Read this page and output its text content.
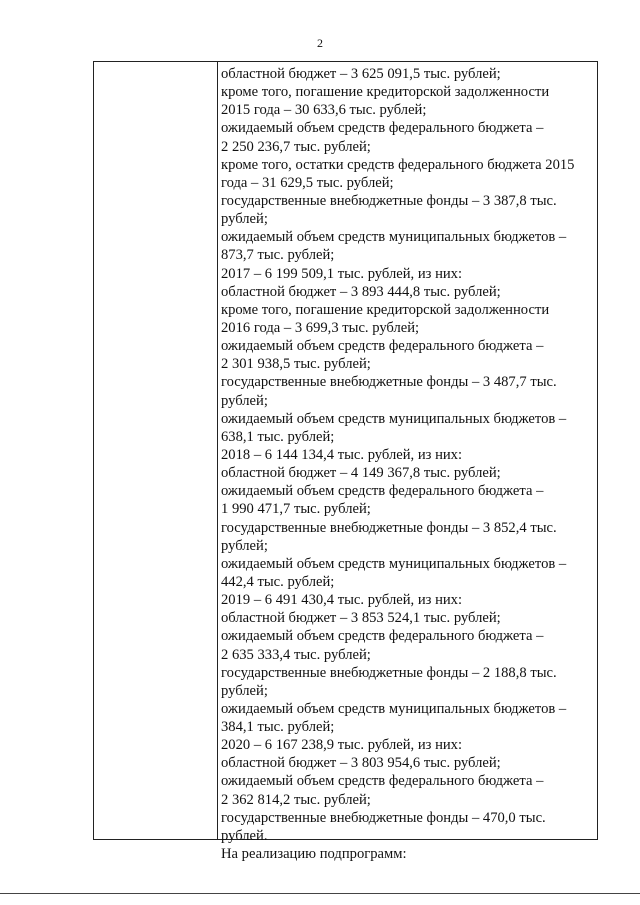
2
областной бюджет – 3 625 091,5 тыс. рублей;
кроме того, погашение кредиторской задолженности
2015 года – 30 633,6 тыс. рублей;
ожидаемый объем средств федерального бюджета –
2 250 236,7 тыс. рублей;
кроме того, остатки средств федерального бюджета 2015
года – 31 629,5 тыс. рублей;
государственные внебюджетные фонды – 3 387,8 тыс.
рублей;
ожидаемый объем средств муниципальных бюджетов –
873,7 тыс. рублей;
2017 – 6 199 509,1 тыс. рублей, из них:
областной бюджет – 3 893 444,8 тыс. рублей;
кроме того, погашение кредиторской задолженности
2016 года – 3 699,3 тыс. рублей;
ожидаемый объем средств федерального бюджета –
2 301 938,5 тыс. рублей;
государственные внебюджетные фонды – 3 487,7 тыс.
рублей;
ожидаемый объем средств муниципальных бюджетов –
638,1 тыс. рублей;
2018 – 6 144 134,4 тыс. рублей, из них:
областной бюджет – 4 149 367,8 тыс. рублей;
ожидаемый объем средств федерального бюджета –
1 990 471,7 тыс. рублей;
государственные внебюджетные фонды – 3 852,4 тыс.
рублей;
ожидаемый объем средств муниципальных бюджетов –
442,4 тыс. рублей;
2019 – 6 491 430,4 тыс. рублей, из них:
областной бюджет – 3 853 524,1 тыс. рублей;
ожидаемый объем средств федерального бюджета –
2 635 333,4 тыс. рублей;
государственные внебюджетные фонды – 2 188,8 тыс.
рублей;
ожидаемый объем средств муниципальных бюджетов –
384,1 тыс. рублей;
2020 – 6 167 238,9 тыс. рублей, из них:
областной бюджет – 3 803 954,6 тыс. рублей;
ожидаемый объем средств федерального бюджета –
2 362 814,2 тыс. рублей;
государственные внебюджетные фонды – 470,0 тыс.
рублей.
На реализацию подпрограмм:
